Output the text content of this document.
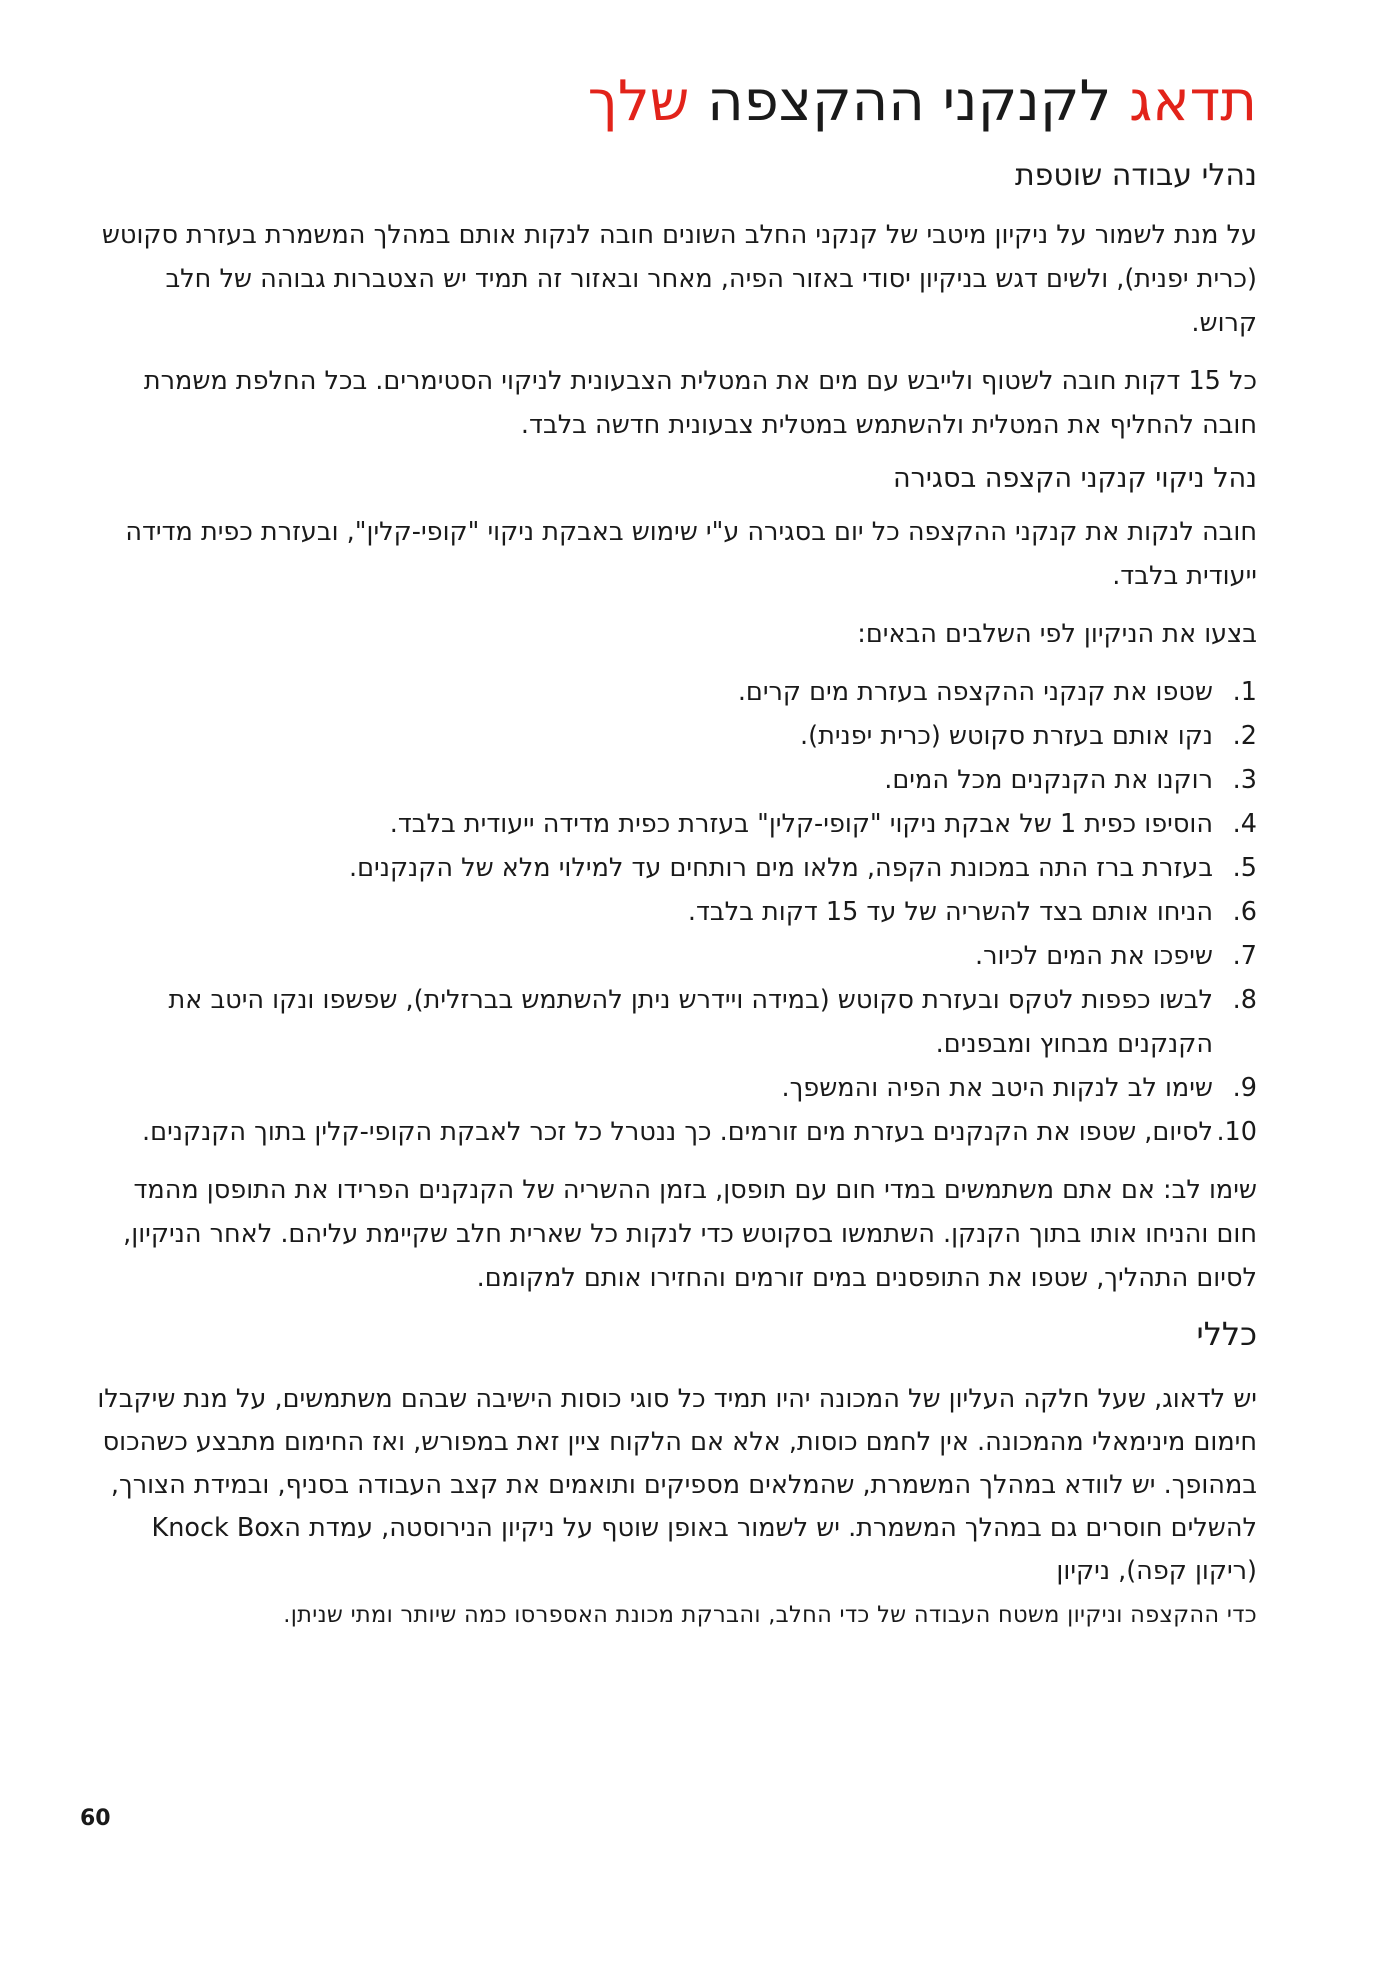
תדאג לקנקני ההקצפה שלך
נהלי עבודה שוטפת

על מנת לשמור על ניקיון מיטבי של קנקני החלב השונים חובה לנקות אותם במהלך המשמרת בעזרת סקוטש (כרית יפנית), ולשים דגש בניקיון יסודי באזור הפיה, מאחר ובאזור זה תמיד יש הצטברות גבוהה של חלב קרוש.

כל 15 דקות חובה לשטוף ולייבש עם מים את המטלית הצבעונית לניקוי הסטימרים. בכל החלפת משמרת חובה להחליף את המטלית ולהשתמש במטלית צבעונית חדשה בלבד.

נהל ניקוי קנקני הקצפה בסגירה

חובה לנקות את קנקני ההקצפה כל יום בסגירה ע"י שימוש באבקת ניקוי "קופי-קלין", ובעזרת כפית מדידה ייעודית בלבד.

בצעו את הניקיון לפי השלבים הבאים:

1.
שטפו את קנקני ההקצפה בעזרת מים קרים.
2.
נקו אותם בעזרת סקוטש (כרית יפנית).
3.
רוקנו את הקנקנים מכל המים.
4.
הוסיפו כפית 1 של אבקת ניקוי "קופי-קלין" בעזרת כפית מדידה ייעודית בלבד.
5.
בעזרת ברז התה במכונת הקפה, מלאו מים רותחים עד למילוי מלא של הקנקנים.
6.
הניחו אותם בצד להשריה של עד 15 דקות בלבד.
7.
שיפכו את המים לכיור.
8.
לבשו כפפות לטקס ובעזרת סקוטש (במידה ויידרש ניתן להשתמש בברזלית), שפשפו ונקו היטב את הקנקנים מבחוץ ומבפנים.
9.
שימו לב לנקות היטב את הפיה והמשפך.
10.
לסיום, שטפו את הקנקנים בעזרת מים זורמים. כך ננטרל כל זכר לאבקת הקופי-קלין בתוך הקנקנים.

שימו לב: אם אתם משתמשים במדי חום עם תופסן, בזמן ההשריה של הקנקנים הפרידו את התופסן מהמד חום והניחו אותו בתוך הקנקן. השתמשו בסקוטש כדי לנקות כל שארית חלב שקיימת עליהם. לאחר הניקיון, לסיום התהליך, שטפו את התופסנים במים זורמים והחזירו אותם למקומם.

כללי

יש לדאוג, שעל חלקה העליון של המכונה יהיו תמיד כל סוגי כוסות הישיבה שבהם משתמשים, על מנת שיקבלו חימום מינימאלי מהמכונה. אין לחמם כוסות, אלא אם הלקוח ציין זאת במפורש, ואז החימום מתבצע כשהכוס במהופך. יש לוודא במהלך המשמרת, שהמלאים מספיקים ותואמים את קצב העבודה בסניף, ובמידת הצורך, להשלים חוסרים גם במהלך המשמרת. יש לשמור באופן שוטף על ניקיון הנירוסטה, עמדת הKnock Box (ריקון קפה), ניקיון
כדי ההקצפה וניקיון משטח העבודה של כדי החלב, והברקת מכונת האספרסו כמה שיותר ומתי שניתן.

60
